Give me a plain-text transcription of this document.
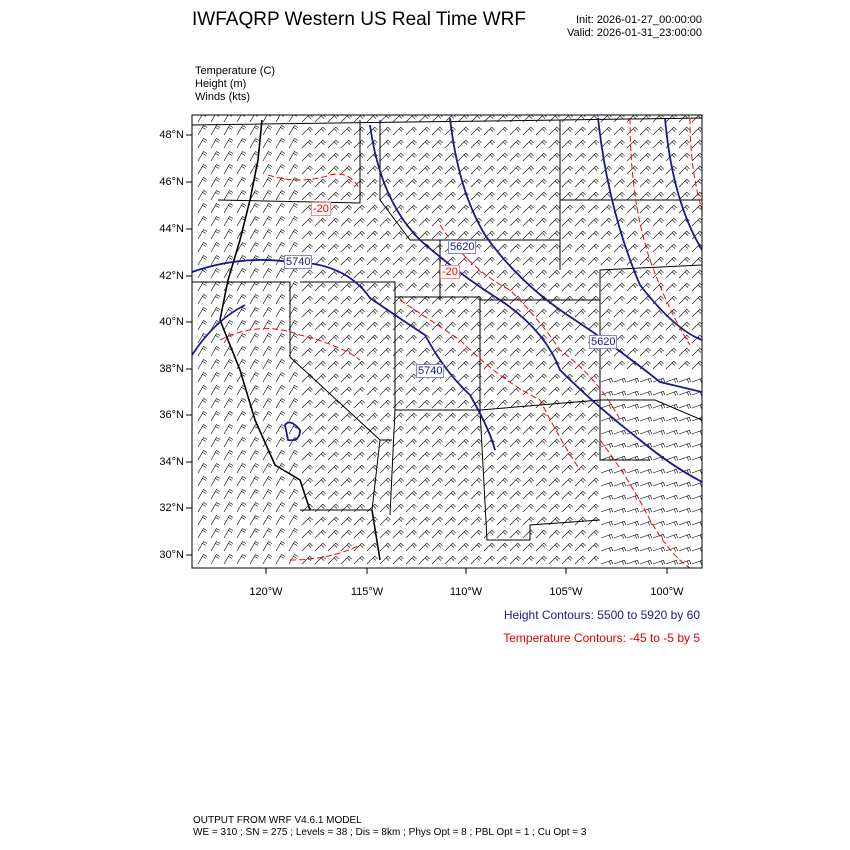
IWFAQRP Western US Real Time WRF	Init: 2026-01-27_00:00:00
Valid: 2026-01-31_23:00:00
Temperature (C)
Height (m)
Winds (kts)
5740
5620
5740
5620
-20
-20
48°N
46°N
44°N
42°N
40°N
38°N
36°N
34°N
32°N
30°N
120°W	115°W	110°W	105°W	100°W
Height Contours: 5500 to 5920 by 60
Temperature Contours: -45 to -5 by 5
OUTPUT FROM WRF V4.6.1 MODEL
WE = 310 ; SN = 275 ; Levels = 38 ; Dis = 8km ; Phys Opt = 8 ; PBL Opt = 1 ; Cu Opt = 3
